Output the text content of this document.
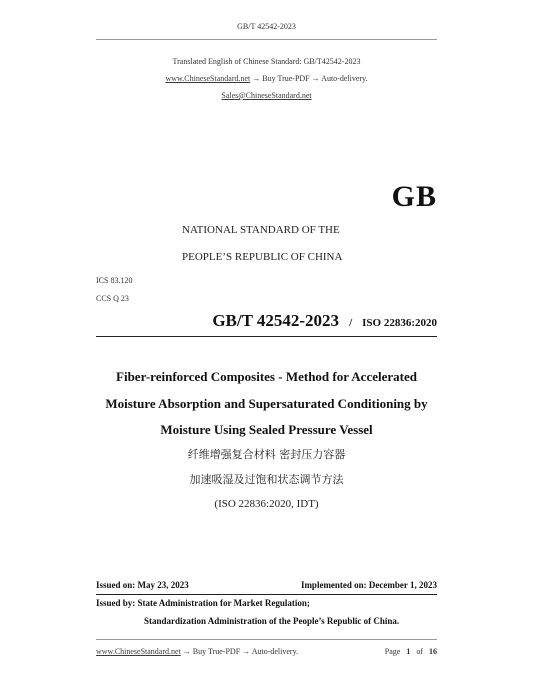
GB/T 42542-2023
Translated English of Chinese Standard: GB/T42542-2023
www.ChineseStandard.net → Buy True-PDF → Auto-delivery.
Sales@ChineseStandard.net
GB
NATIONAL STANDARD OF THE
PEOPLE’S REPUBLIC OF CHINA
ICS 83.120
CCS Q 23
GB/T 42542-2023 / ISO 22836:2020
Fiber-reinforced Composites - Method for Accelerated
Moisture Absorption and Supersaturated Conditioning by
Moisture Using Sealed Pressure Vessel
纤维增强复合材料 密封压力容器
加速吸湿及过饱和状态调节方法
(ISO 22836:2020, IDT)
Issued on: May 23, 2023	Implemented on: December 1, 2023
Issued by: State Administration for Market Regulation;
Standardization Administration of the People’s Republic of China.
www.ChineseStandard.net → Buy True-PDF → Auto-delivery.	Page 1 of 16
